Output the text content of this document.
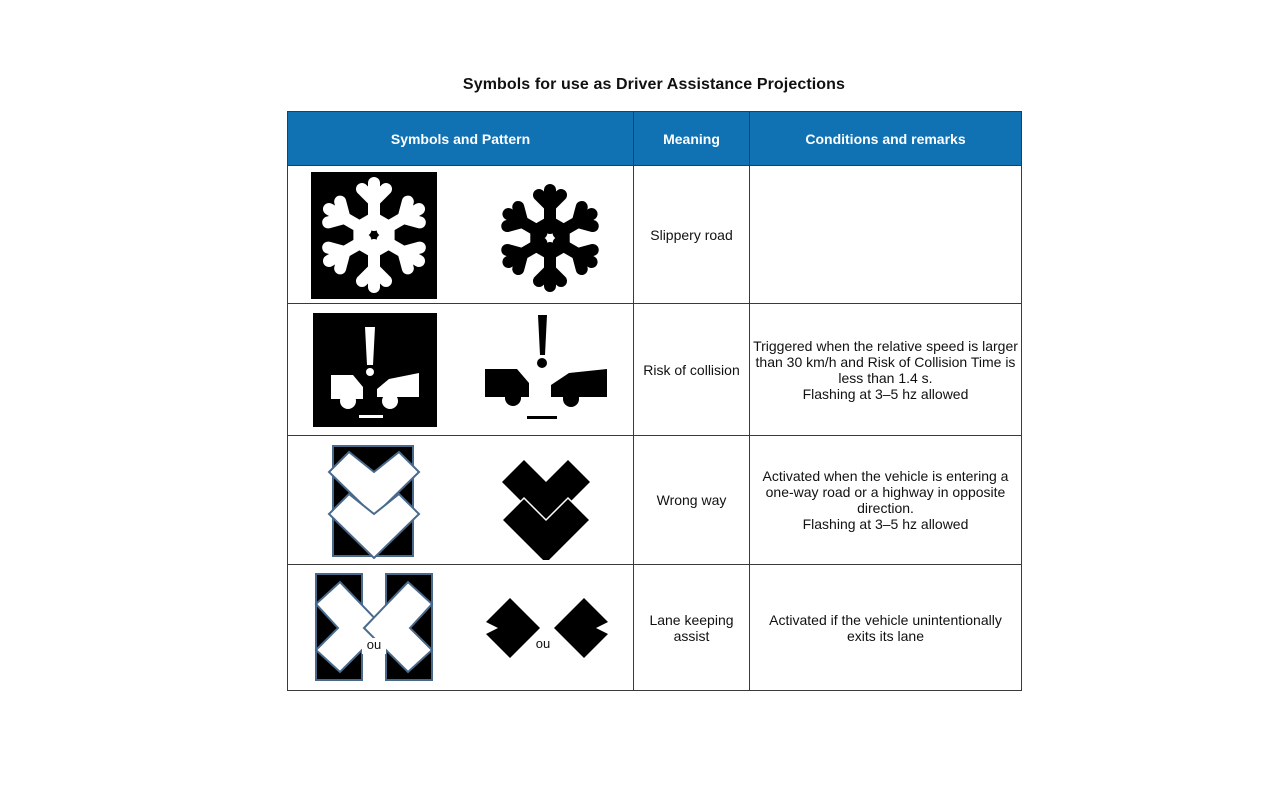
Symbols for use as Driver Assistance Projections
Symbols and Pattern	Meaning	Conditions and remarks

	Slippery road	

	Risk of collision	Triggered when the relative speed is larger than 30 km/h and Risk of Collision Time is less than 1.4 s.
Flashing at 3–5 hz allowed

	Wrong way	Activated when the vehicle is entering a one-way road or a highway in opposite direction.
Flashing at 3–5 hz allowed

ou ou	Lane keeping assist	Activated if the vehicle unintentionally exits its lane
